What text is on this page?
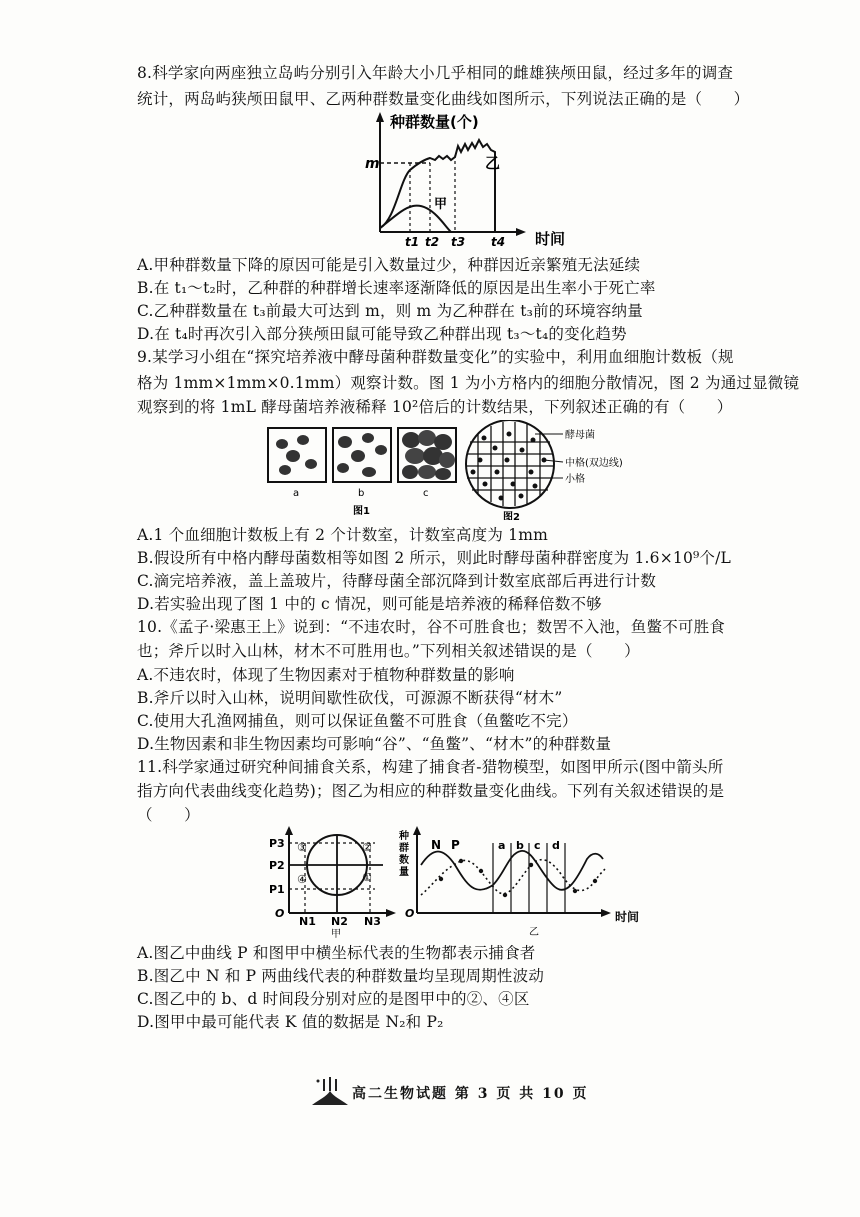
8.科学家向两座独立岛屿分别引入年龄大小几乎相同的雌雄狭颅田鼠，经过多年的调查
统计，两岛屿狭颅田鼠甲、乙两种群数量变化曲线如图所示，下列说法正确的是（　　）
种群数量(个)
时间
m
甲
乙
t1 t2 t3 t4
A.甲种群数量下降的原因可能是引入数量过少，种群因近亲繁殖无法延续
B.在 t₁～t₂时，乙种群的种群增长速率逐渐降低的原因是出生率小于死亡率
C.乙种群数量在 t₃前最大可达到 m，则 m 为乙种群在 t₃前的环境容纳量
D.在 t₄时再次引入部分狭颅田鼠可能导致乙种群出现 t₃～t₄的变化趋势
9.某学习小组在“探究培养液中酵母菌种群数量变化”的实验中，利用血细胞计数板（规
格为 1mm×1mm×0.1mm）观察计数。图 1 为小方格内的细胞分散情况，图 2 为通过显微镜
观察到的将 1mL 酵母菌培养液稀释 10²倍后的计数结果，下列叙述正确的有（　　）
a	b	c
图1
图2
酵母菌
中格(双边线)
小格
A.1 个血细胞计数板上有 2 个计数室，计数室高度为 1mm
B.假设所有中格内酵母菌数相等如图 2 所示，则此时酵母菌种群密度为 1.6×10⁹个/L
C.滴完培养液，盖上盖玻片，待酵母菌全部沉降到计数室底部后再进行计数
D.若实验出现了图 1 中的 c 情况，则可能是培养液的稀释倍数不够
10.《孟子·梁惠王上》说到：“不违农时，谷不可胜食也；数罟不入池，鱼鳖不可胜食
也；斧斤以时入山林，材木不可胜用也。”下列相关叙述错误的是（　　）
A.不违农时，体现了生物因素对于植物种群数量的影响
B.斧斤以时入山林，说明间歇性砍伐，可源源不断获得“材木”
C.使用大孔渔网捕鱼，则可以保证鱼鳖不可胜食（鱼鳖吃不完）
D.生物因素和非生物因素均可影响“谷”、“鱼鳖”、“材木”的种群数量
11.科学家通过研究种间捕食关系，构建了捕食者-猎物模型，如图甲所示(图中箭头所
指方向代表曲线变化趋势)；图乙为相应的种群数量变化曲线。下列有关叙述错误的是
（　　）
P3
P2
P1
②
①
③
④
O
N1 N2 N3
甲
种
群
数
量
O
a b c d
N P
乙
时间
A.图乙中曲线 P 和图甲中横坐标代表的生物都表示捕食者
B.图乙中 N 和 P 两曲线代表的种群数量均呈现周期性波动
C.图乙中的 b、d 时间段分别对应的是图甲中的②、④区
D.图甲中最可能代表 K 值的数据是 N₂和 P₂
高二生物试题 第 3 页 共 10 页
